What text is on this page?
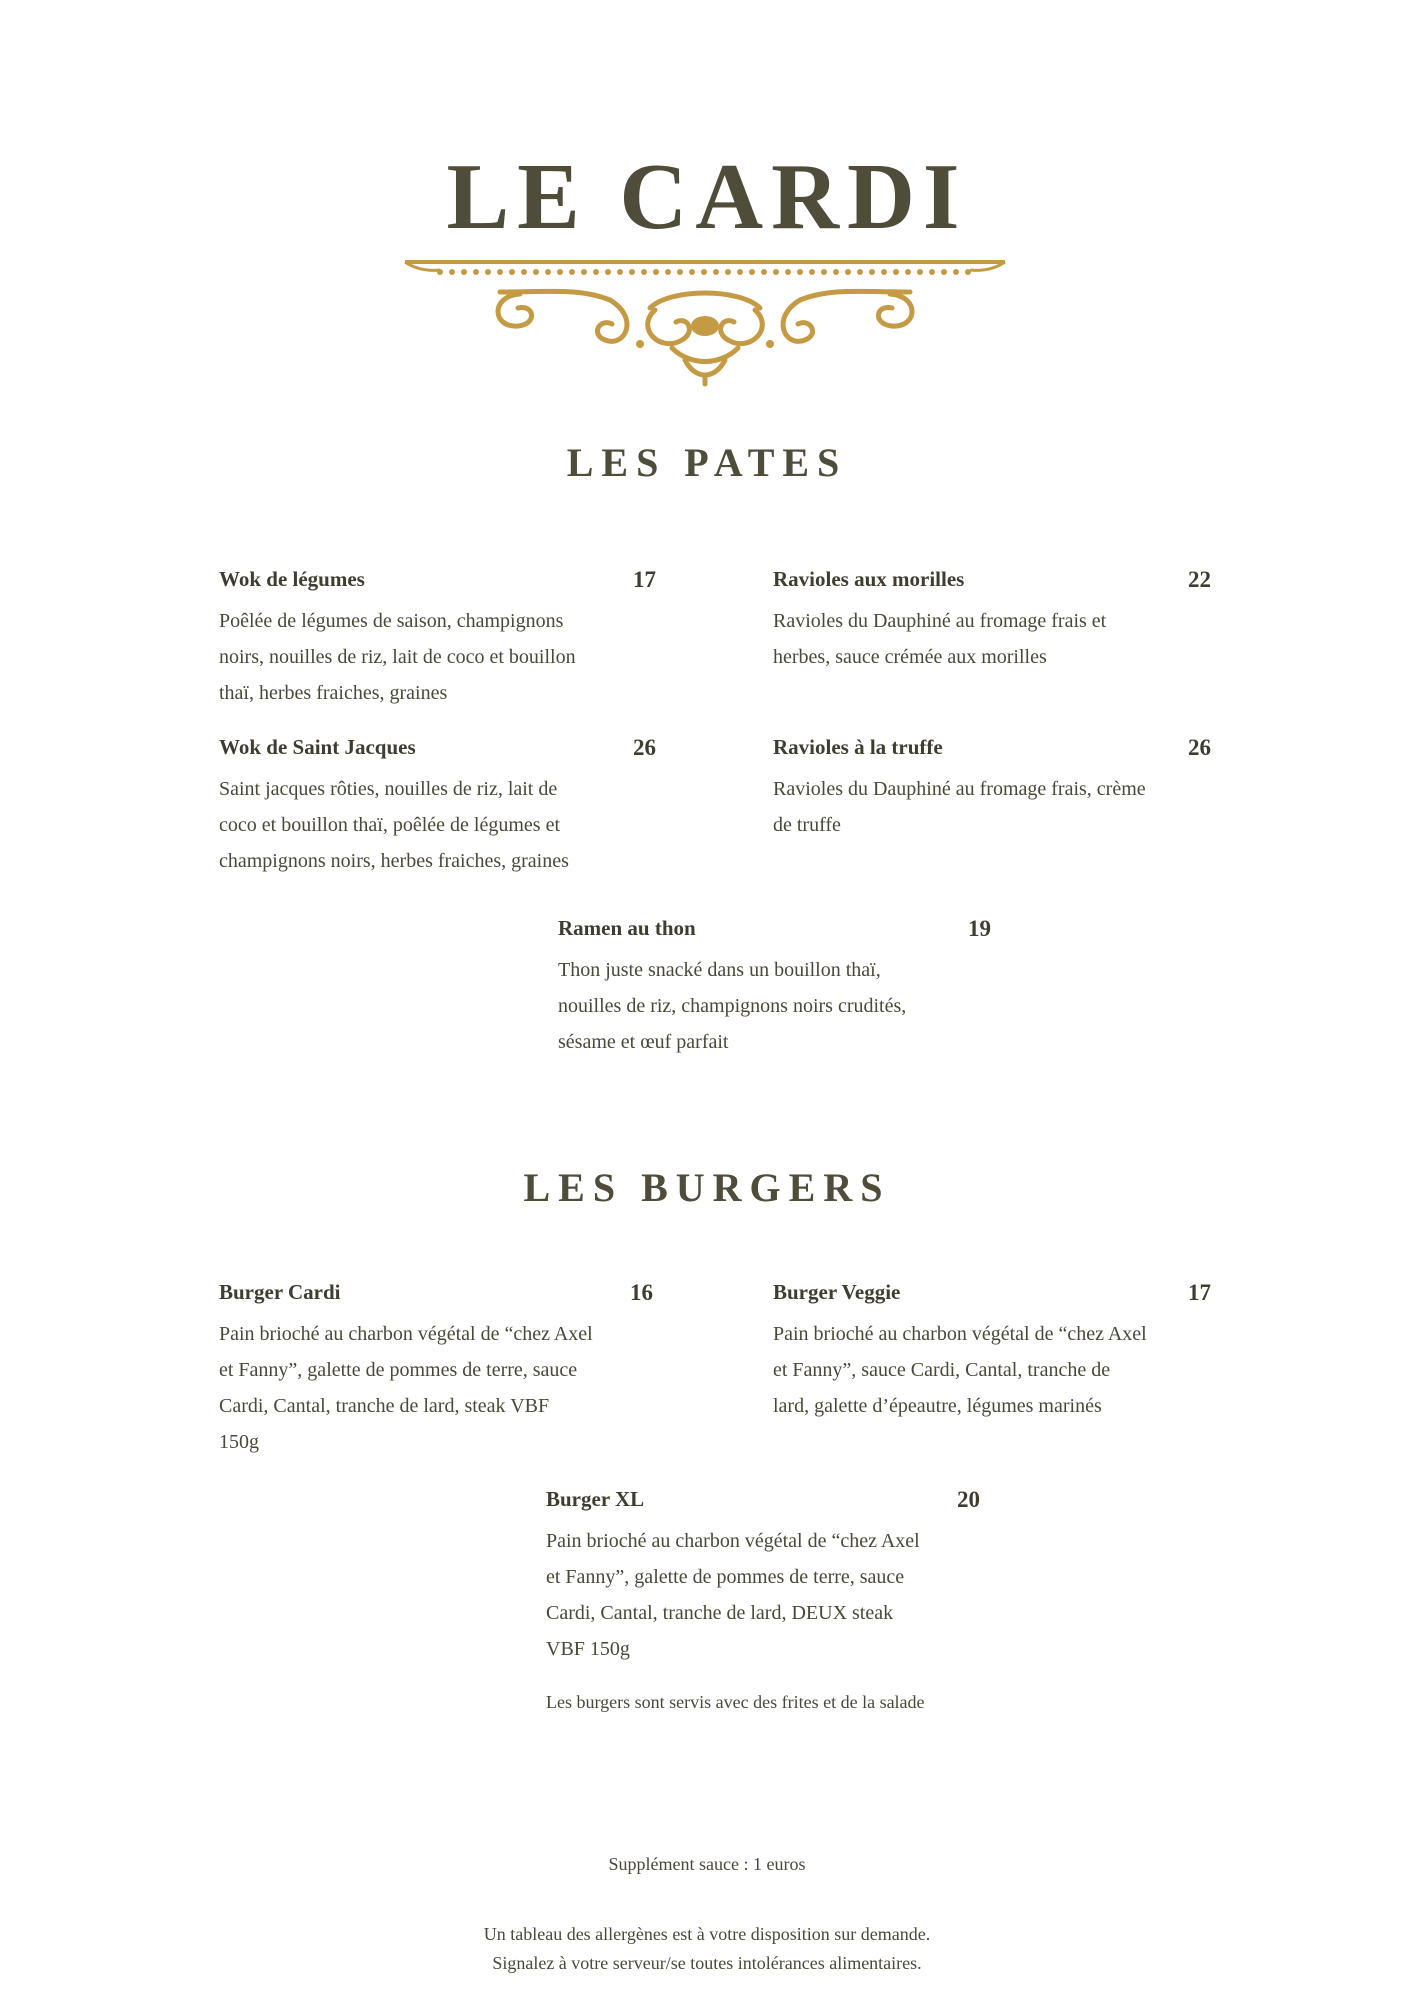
LE CARDI
LES PATES
Wok de légumes	17
Poêlée de légumes de saison, champignons
noirs, nouilles de riz, lait de coco et bouillon
thaï, herbes fraiches, graines
Ravioles aux morilles	22
Ravioles du Dauphiné au fromage frais et
herbes, sauce crémée aux morilles
Wok de Saint Jacques	26
Saint jacques rôties, nouilles de riz, lait de
coco et bouillon thaï, poêlée de légumes et
champignons noirs, herbes fraiches, graines
Ravioles à la truffe	26
Ravioles du Dauphiné au fromage frais, crème
de truffe
Ramen au thon	19
Thon juste snacké dans un bouillon thaï,
nouilles de riz, champignons noirs crudités,
sésame et œuf parfait
LES BURGERS
Burger Cardi	16
Pain brioché au charbon végétal de “chez Axel
et Fanny”, galette de pommes de terre, sauce
Cardi, Cantal, tranche de lard, steak VBF
150g
Burger Veggie	17
Pain brioché au charbon végétal de “chez Axel
et Fanny”, sauce Cardi, Cantal, tranche de
lard, galette d’épeautre, légumes marinés
Burger XL	20
Pain brioché au charbon végétal de “chez Axel
et Fanny”, galette de pommes de terre, sauce
Cardi, Cantal, tranche de lard, DEUX steak
VBF 150g
Les burgers sont servis avec des frites et de la salade
Supplément sauce : 1 euros
Un tableau des allergènes est à votre disposition sur demande.
Signalez à votre serveur/se toutes intolérances alimentaires.
